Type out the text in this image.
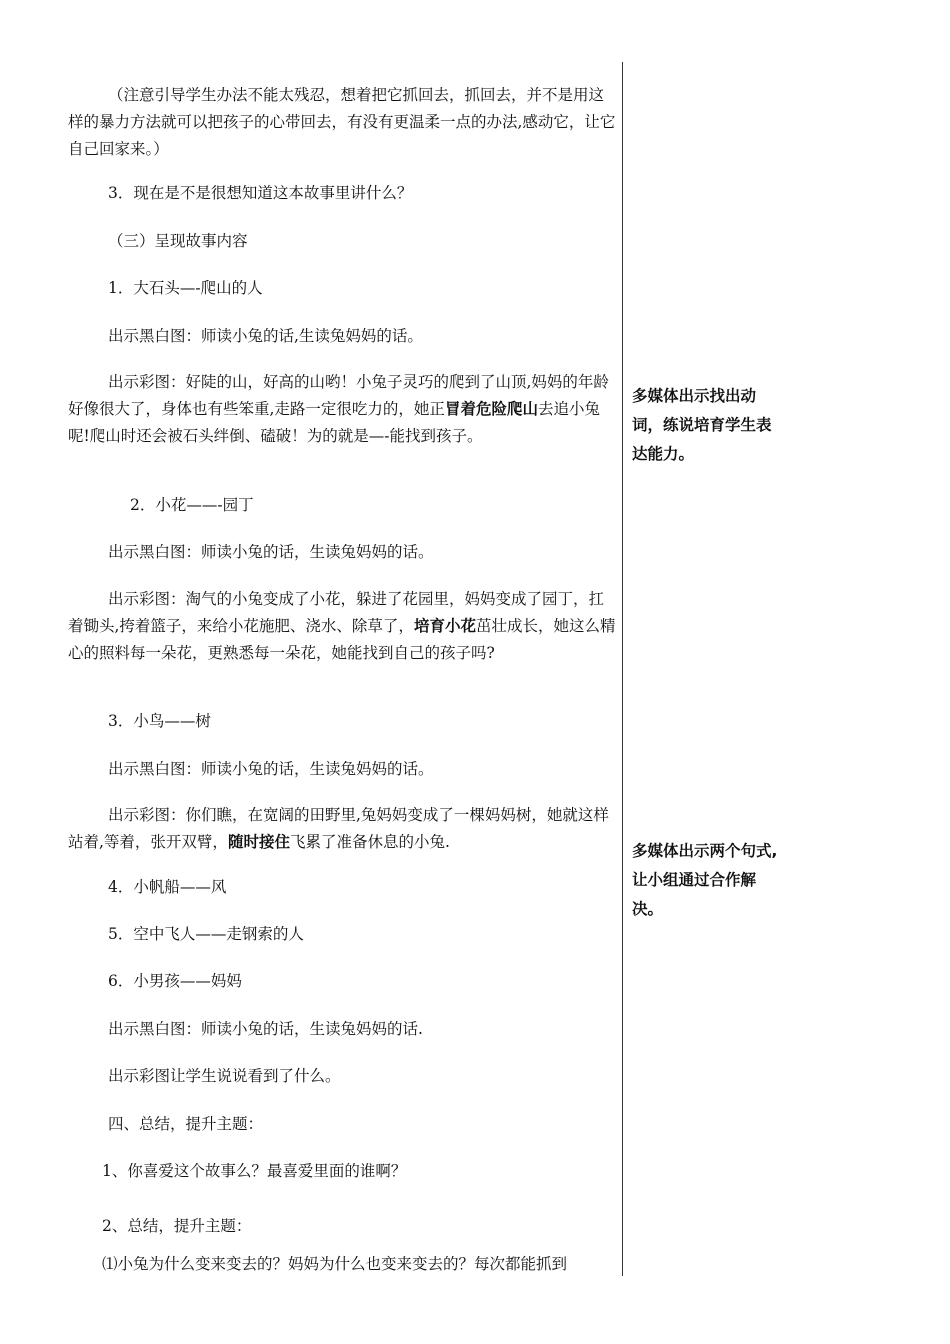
（注意引导学生办法不能太残忍，想着把它抓回去，抓回去，并不是用这样的暴力方法就可以把孩子的心带回去，有没有更温柔一点的办法,感动它，让它自己回家来。）
3．现在是不是很想知道这本故事里讲什么？
（三）呈现故事内容
1．大石头—-爬山的人
出示黑白图：师读小兔的话,生读兔妈妈的话。
出示彩图：好陡的山，好高的山哟！小兔子灵巧的爬到了山顶,妈妈的年龄好像很大了，身体也有些笨重,走路一定很吃力的，她正冒着危险爬山去追小兔呢!爬山时还会被石头绊倒、磕破！为的就是—-能找到孩子。
2．小花——-园丁
出示黑白图：师读小兔的话，生读兔妈妈的话。
出示彩图：淘气的小兔变成了小花，躲进了花园里，妈妈变成了园丁，扛着锄头,挎着篮子，来给小花施肥、浇水、除草了，培育小花茁壮成长，她这么精心的照料每一朵花，更熟悉每一朵花，她能找到自己的孩子吗?
3．小鸟——树
出示黑白图：师读小兔的话，生读兔妈妈的话。
出示彩图：你们瞧，在宽阔的田野里,兔妈妈变成了一棵妈妈树，她就这样站着,等着，张开双臂，随时接住飞累了准备休息的小兔.
4．小帆船——风
5．空中飞人——走钢索的人
6．小男孩——妈妈
出示黑白图：师读小兔的话，生读兔妈妈的话.
出示彩图让学生说说看到了什么。
四、总结，提升主题：
1、你喜爱这个故事么？最喜爱里面的谁啊？
2、总结，提升主题：
⑴小兔为什么变来变去的？妈妈为什么也变来变去的？每次都能抓到
多媒体出示找出动词，练说培育学生表达能力。
多媒体出示两个句式,让小组通过合作解决。
